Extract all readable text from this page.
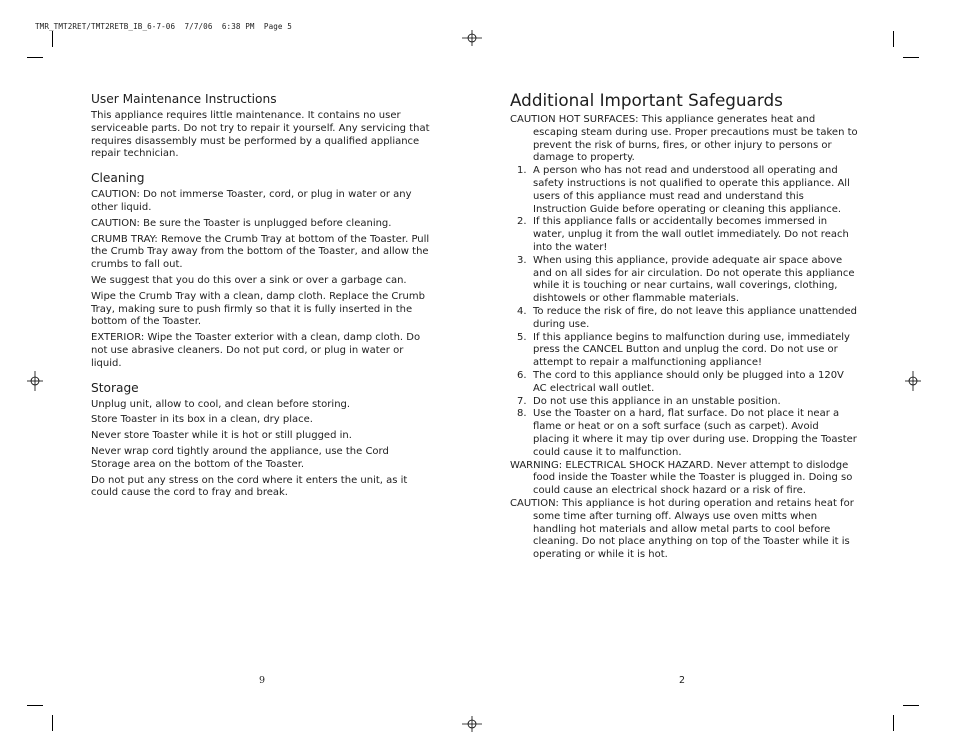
TMR_TMT2RET/TMT2RETB_IB_6-7-06  7/7/06  6:38 PM  Page 5
User Maintenance Instructions

This appliance requires little maintenance. It contains no user serviceable parts. Do not try to repair it yourself. Any servicing that requires disassembly must be performed by a qualified appliance repair technician.

Cleaning

CAUTION: Do not immerse Toaster, cord, or plug in water or any other liquid.

CAUTION: Be sure the Toaster is unplugged before cleaning.

CRUMB TRAY: Remove the Crumb Tray at bottom of the Toaster. Pull the Crumb Tray away from the bottom of the Toaster, and allow the crumbs to fall out.

We suggest that you do this over a sink or over a garbage can.

Wipe the Crumb Tray with a clean, damp cloth. Replace the Crumb Tray, making sure to push firmly so that it is fully inserted in the bottom of the Toaster.

EXTERIOR: Wipe the Toaster exterior with a clean, damp cloth. Do not use abrasive cleaners. Do not put cord, or plug in water or liquid.

Storage

Unplug unit, allow to cool, and clean before storing.

Store Toaster in its box in a clean, dry place.

Never store Toaster while it is hot or still plugged in.

Never wrap cord tightly around the appliance, use the Cord Storage area on the bottom of the Toaster.

Do not put any stress on the cord where it enters the unit, as it could cause the cord to fray and break.

9
Additional Important Safeguards

CAUTION HOT SURFACES: This appliance generates heat and escaping steam during use. Proper precautions must be taken to prevent the risk of burns, fires, or other injury to persons or damage to property.

1. A person who has not read and understood all operating and safety instructions is not qualified to operate this appliance. All users of this appliance must read and understand this Instruction Guide before operating or cleaning this appliance.
2. If this appliance falls or accidentally becomes immersed in water, unplug it from the wall outlet immediately. Do not reach into the water!
3. When using this appliance, provide adequate air space above and on all sides for air circulation. Do not operate this appliance while it is touching or near curtains, wall coverings, clothing, dishtowels or other flammable materials.
4. To reduce the risk of fire, do not leave this appliance unattended during use.
5. If this appliance begins to malfunction during use, immediately press the CANCEL Button and unplug the cord. Do not use or attempt to repair a malfunctioning appliance!
6. The cord to this appliance should only be plugged into a 120V AC electrical wall outlet.
7. Do not use this appliance in an unstable position.
8. Use the Toaster on a hard, flat surface. Do not place it near a flame or heat or on a soft surface (such as carpet). Avoid placing it where it may tip over during use. Dropping the Toaster could cause it to malfunction.

WARNING: ELECTRICAL SHOCK HAZARD. Never attempt to dislodge food inside the Toaster while the Toaster is plugged in. Doing so could cause an electrical shock hazard or a risk of fire.

CAUTION: This appliance is hot during operation and retains heat for some time after turning off. Always use oven mitts when handling hot materials and allow metal parts to cool before cleaning. Do not place anything on top of the Toaster while it is operating or while it is hot.

2
